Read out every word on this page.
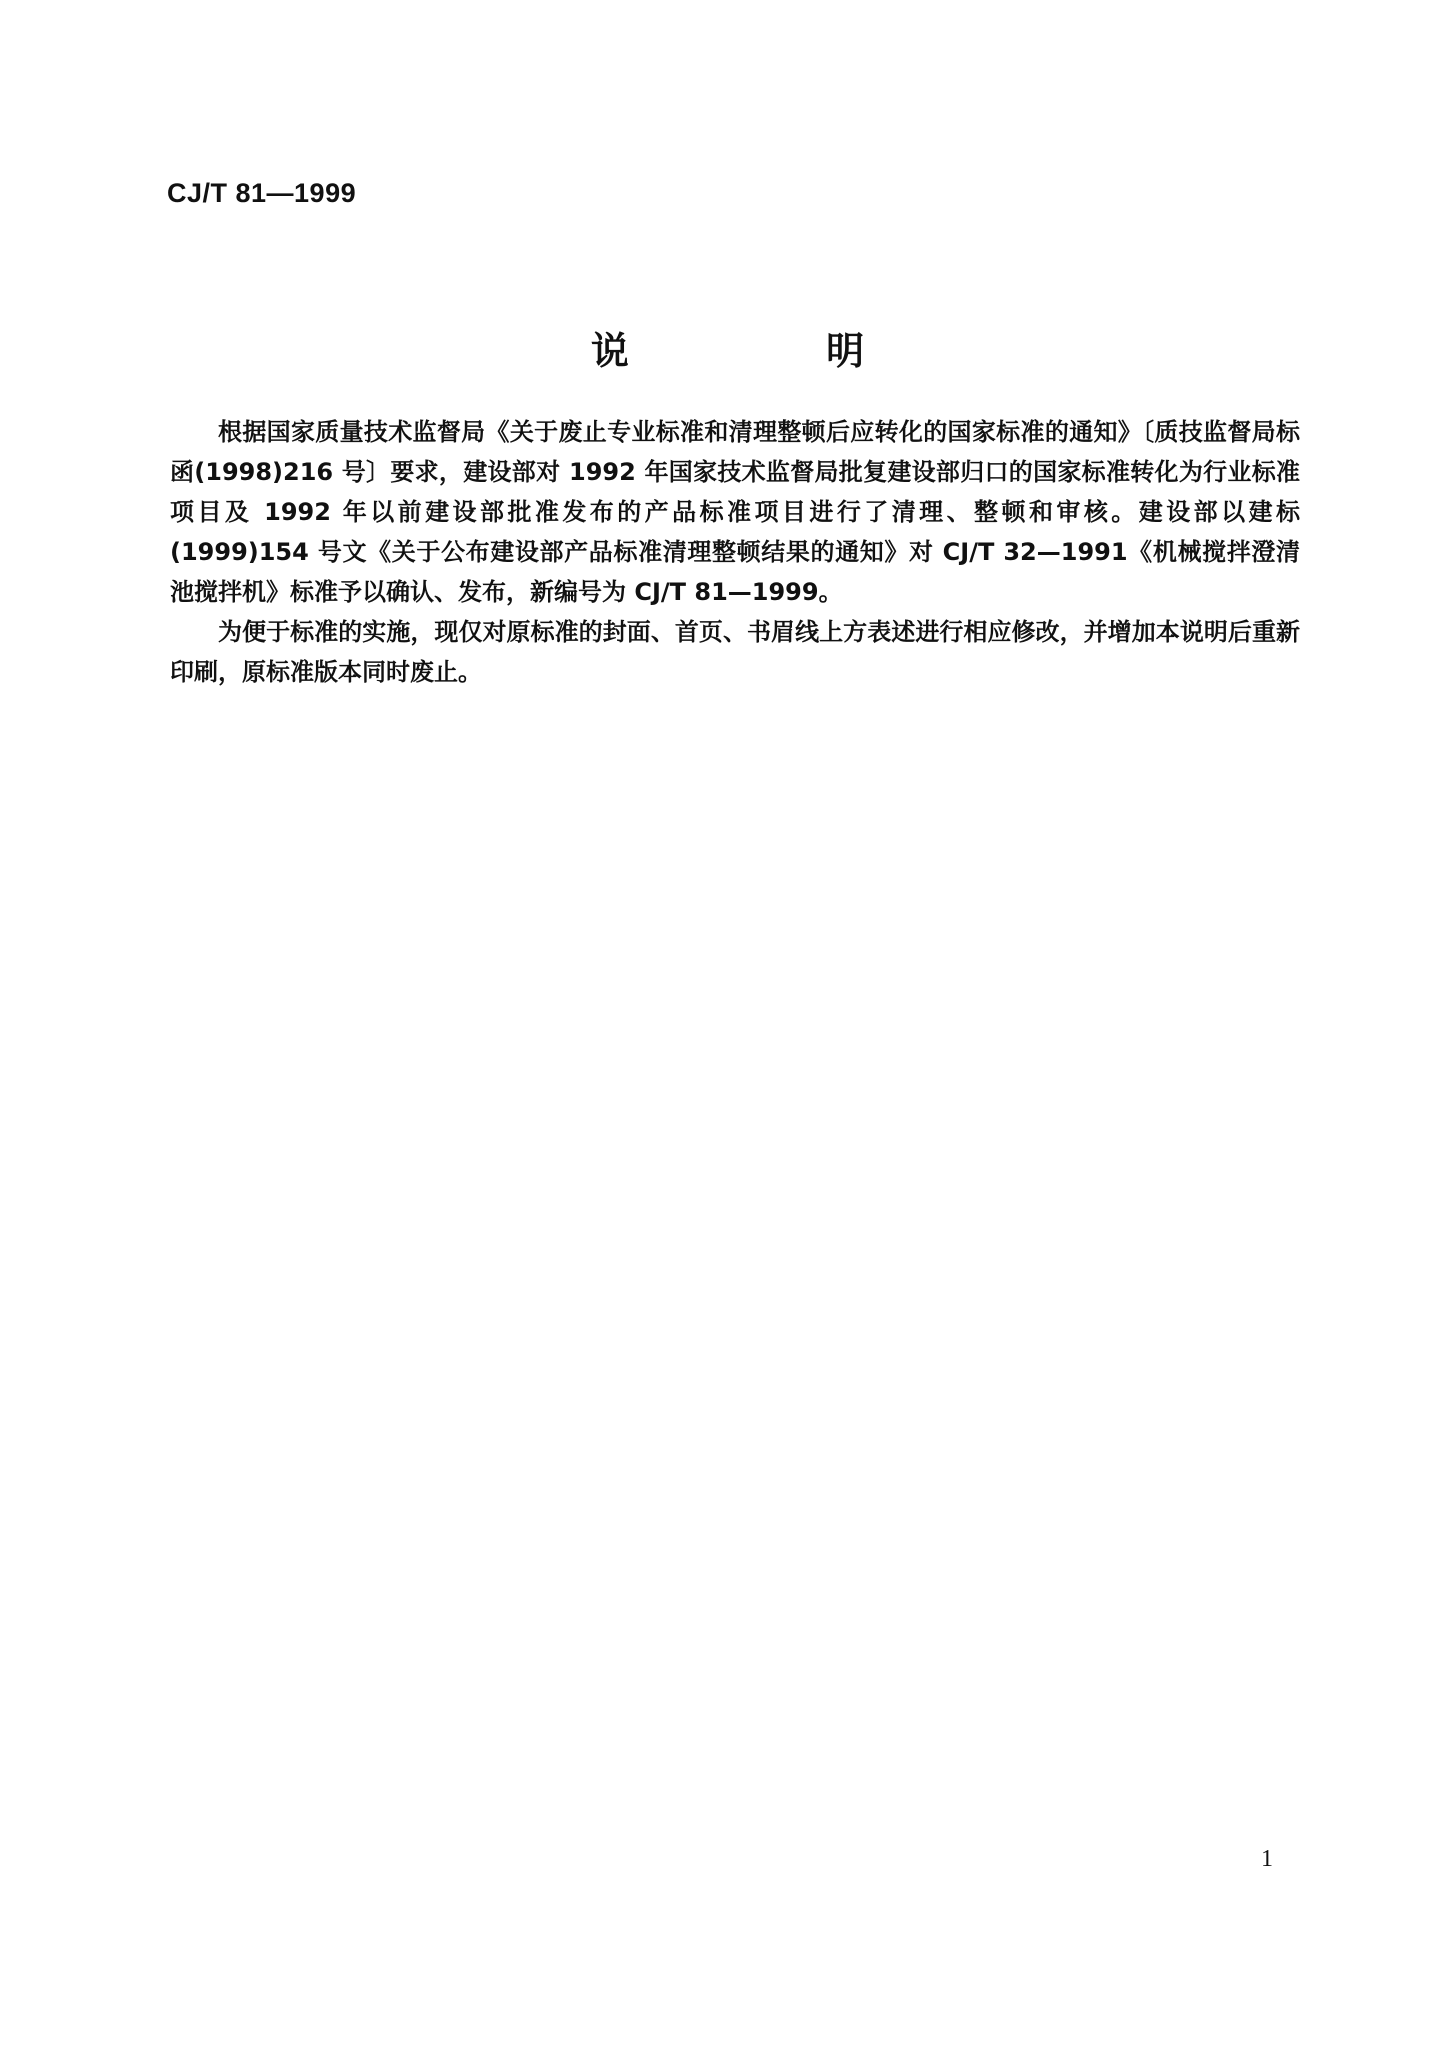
CJ/T 81—1999
说 明

根据国家质量技术监督局《关于废止专业标准和清理整顿后应转化的国家标准的通知》〔质技监督局标函(1998)216 号〕要求，建设部对 1992 年国家技术监督局批复建设部归口的国家标准转化为行业标准项目及 1992 年以前建设部批准发布的产品标准项目进行了清理、整顿和审核。建设部以建标(1999)154 号文《关于公布建设部产品标准清理整顿结果的通知》对 CJ/T 32—1991《机械搅拌澄清池搅拌机》标准予以确认、发布，新编号为 CJ/T 81—1999。

为便于标准的实施，现仅对原标准的封面、首页、书眉线上方表述进行相应修改，并增加本说明后重新印刷，原标准版本同时废止。

1
